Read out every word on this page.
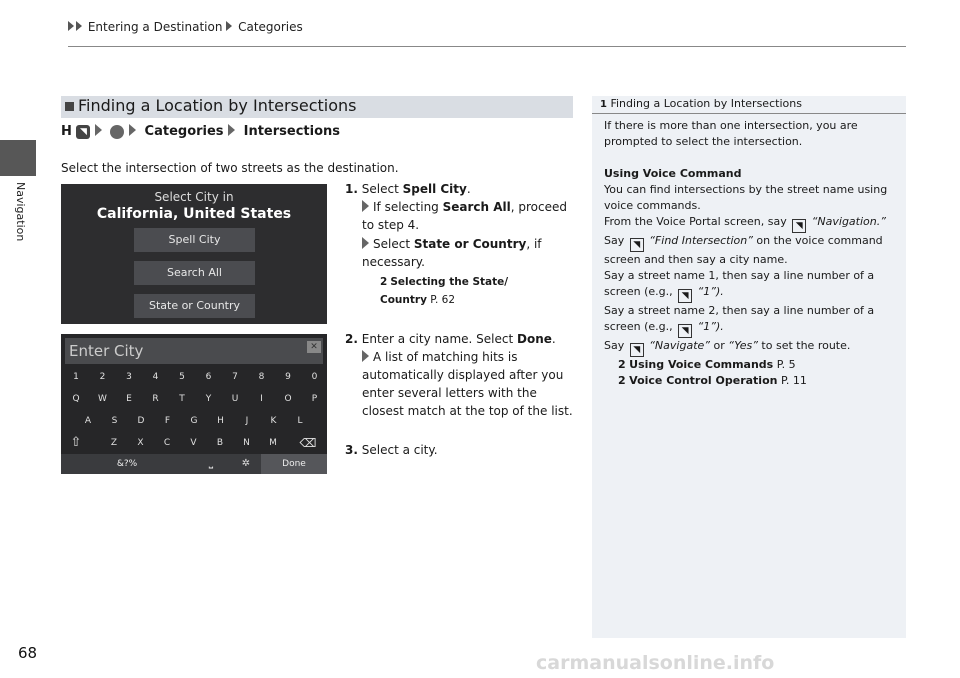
Entering a Destination Categories
Navigation
68
Finding a Location by Intersections
H ◥	Categories Intersections
Select the intersection of two streets as the destination.
Select City in
California, United States
Spell City
Search All
State or Country
Enter City	✕
1	2	3	4	5	6	7	8	9	0
Q	W	E	R	T	Y	U	I	O	P
A	S	D	F	G	H	J	K	L
Z	X	C	V	B	N	M
⇧	⌫
&?%	⎵	✲	Done
1. Select Spell City.
If selecting Search All, proceed to step 4.
Select State or Country, if necessary.
2 Selecting the State/ Country P. 62
2. Enter a city name. Select Done.
A list of matching hits is automatically displayed after you enter several letters with the closest match at the top of the list.
3. Select a city.
1 Finding a Location by Intersections
If there is more than one intersection, you are prompted to select the intersection.
Using Voice Command
You can find intersections by the street name using voice commands.
From the Voice Portal screen, say ◥ “Navigation.”
Say ◥ “Find Intersection” on the voice command screen and then say a city name.
Say a street name 1, then say a line number of a screen (e.g., ◥ “1”).
Say a street name 2, then say a line number of a screen (e.g., ◥ “1”).
Say ◥ “Navigate” or “Yes” to set the route.
2 Using Voice Commands P. 5
2 Voice Control Operation P. 11
carmanualsonline.info
